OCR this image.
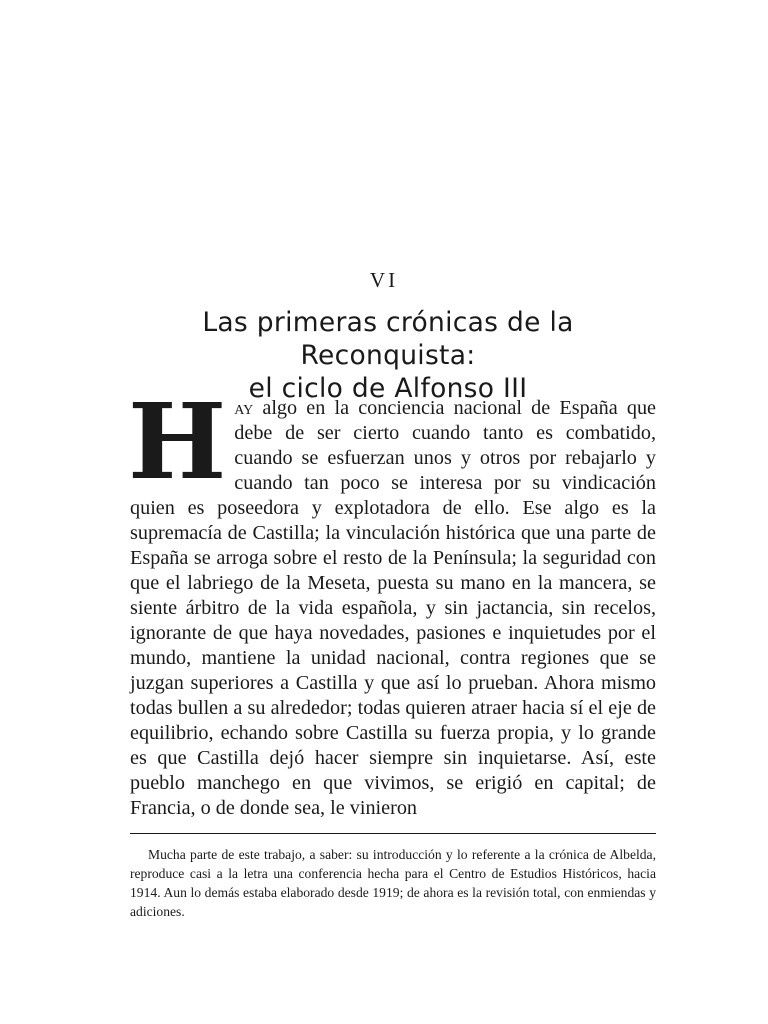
VI
Las primeras crónicas de la Reconquista:
el ciclo de Alfonso III
Hay algo en la conciencia nacional de España que debe de ser cierto cuando tanto es combatido, cuando se esfuerzan unos y otros por rebajarlo y cuando tan poco se interesa por su vindicación quien es poseedora y explotadora de ello. Ese algo es la supremacía de Castilla; la vinculación histórica que una parte de España se arroga sobre el resto de la Península; la seguridad con que el labriego de la Meseta, puesta su mano en la mancera, se siente árbitro de la vida española, y sin jactancia, sin recelos, ignorante de que haya novedades, pasiones e inquietudes por el mundo, mantiene la unidad nacional, contra regiones que se juzgan superiores a Castilla y que así lo prueban. Ahora mismo todas bullen a su alrededor; todas quieren atraer hacia sí el eje de equilibrio, echando sobre Castilla su fuerza propia, y lo grande es que Castilla dejó hacer siempre sin inquietarse. Así, este pueblo manchego en que vivimos, se erigió en capital; de Francia, o de donde sea, le vinieron
Mucha parte de este trabajo, a saber: su introducción y lo referente a la crónica de Albelda, reproduce casi a la letra una conferencia hecha para el Centro de Estudios Históricos, hacia 1914. Aun lo demás estaba elaborado desde 1919; de ahora es la revisión total, con enmiendas y adiciones.
